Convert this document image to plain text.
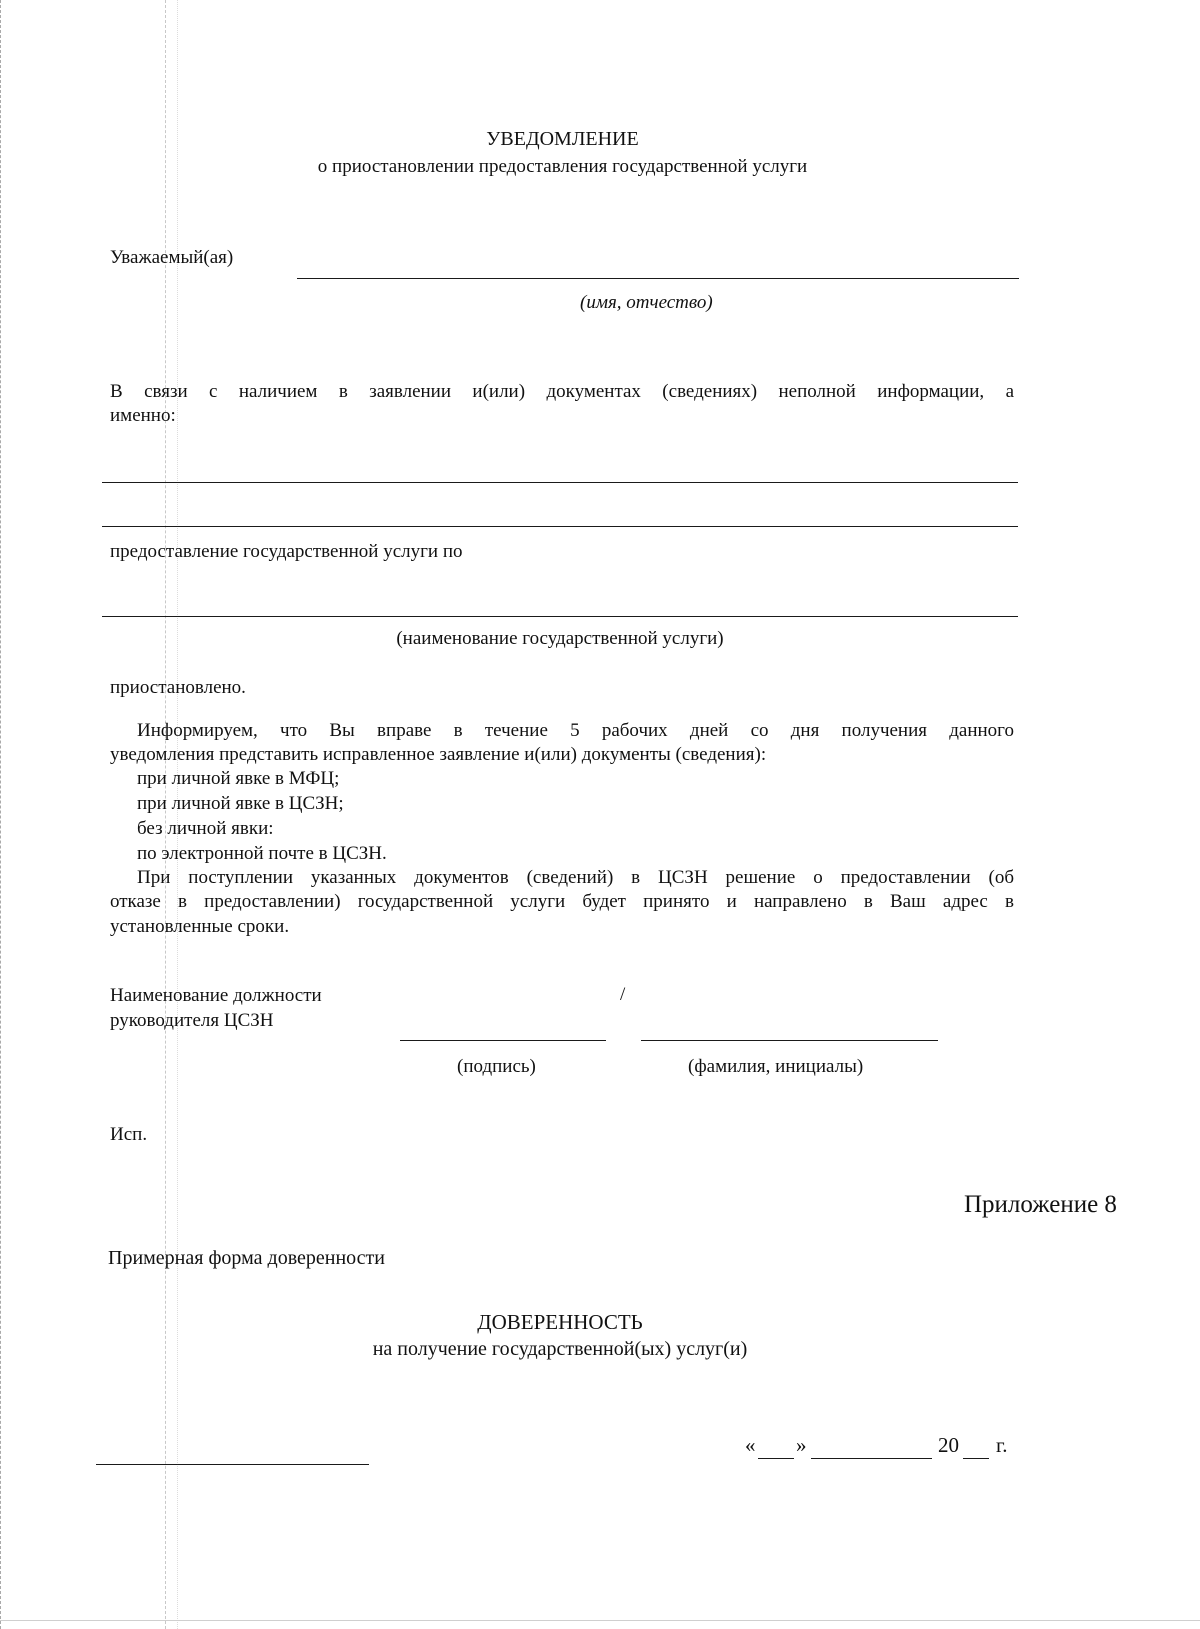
УВЕДОМЛЕНИЕ
о приостановлении предоставления государственной услуги
Уважаемый(ая)
(имя, отчество)
В связи с наличием в заявлении и(или) документах (сведениях) неполной информации, а
именно:
предоставление государственной услуги по
(наименование государственной услуги)
приостановлено.
Информируем, что Вы вправе в течение 5 рабочих дней со дня получения данного
уведомления представить исправленное заявление и(или) документы (сведения):
при личной явке в МФЦ;
при личной явке в ЦСЗН;
без личной явки:
по электронной почте в ЦСЗН.
При поступлении указанных документов (сведений) в ЦСЗН решение о предоставлении (об
отказе в предоставлении) государственной услуги будет принято и направлено в Ваш адрес в
установленные сроки.
Наименование должности
руководителя ЦСЗН
/
(подпись)	(фамилия, инициалы)
Исп.
Приложение 8
Примерная форма доверенности
ДОВЕРЕННОСТЬ
на получение государственной(ых) услуг(и)
« »	20 г.
